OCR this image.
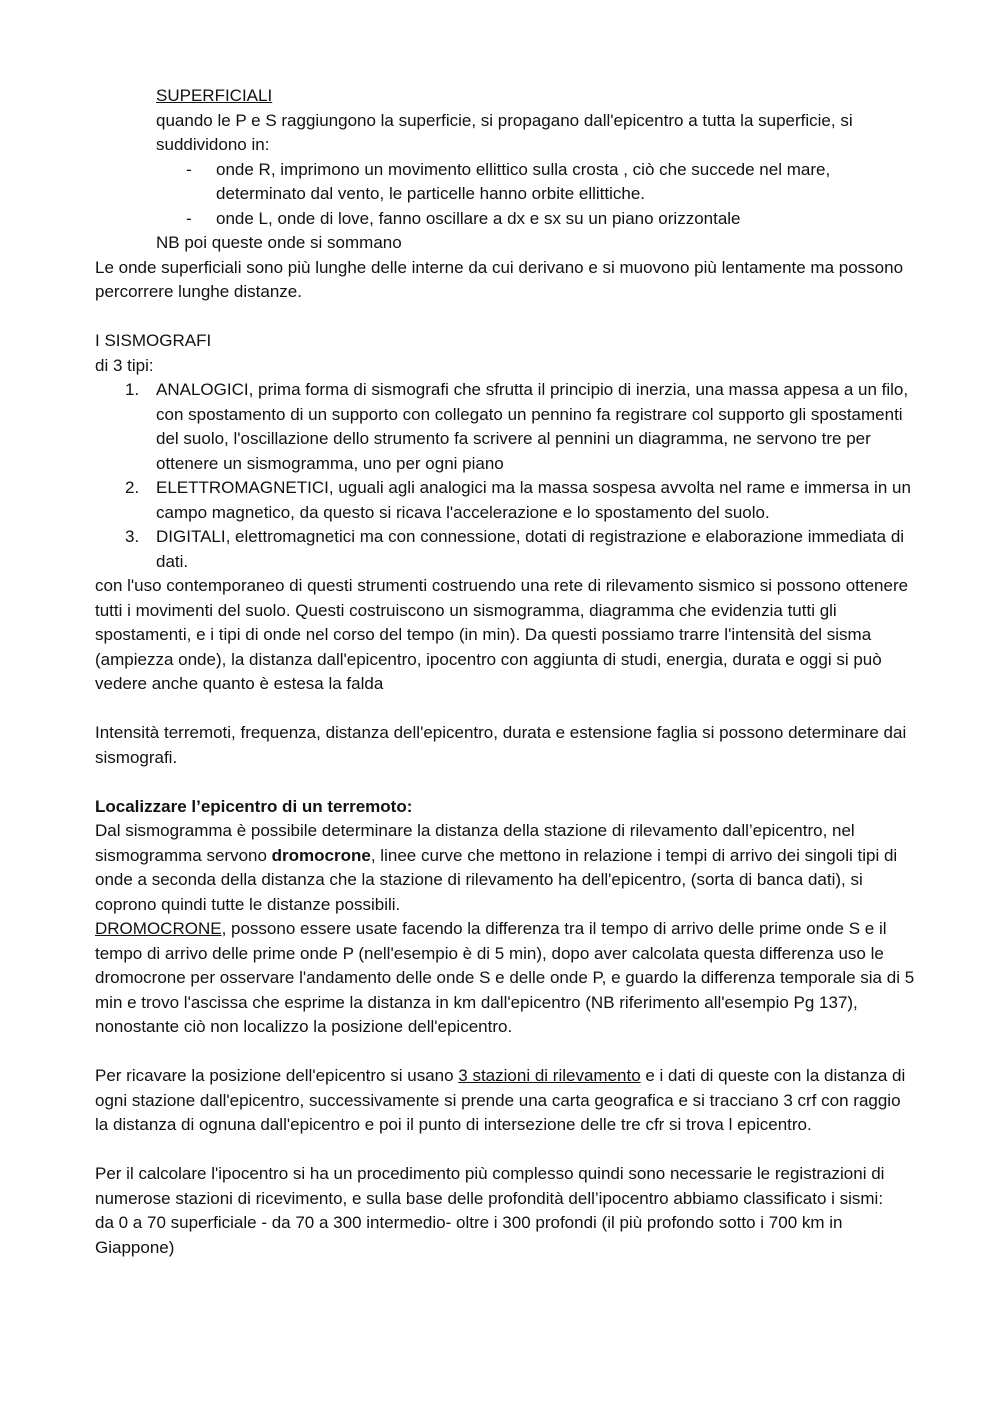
SUPERFICIALI

quando le P e S raggiungono la superficie, si propagano dall'epicentro a tutta la superficie, si suddividono in:

- onde R, imprimono un movimento ellittico sulla crosta , ciò che succede nel mare, determinato dal vento, le particelle hanno orbite ellittiche.
- onde L, onde di love, fanno oscillare a dx e sx su un piano orizzontale

NB poi queste onde si sommano

Le onde superficiali sono più lunghe delle interne da cui derivano e si muovono più lentamente ma possono percorrere lunghe distanze.

I SISMOGRAFI

di 3 tipi:

1. ANALOGICI, prima forma di sismografi che sfrutta il principio di inerzia, una massa appesa a un filo, con spostamento di un supporto con collegato un pennino fa registrare col supporto gli spostamenti del suolo, l'oscillazione dello strumento fa scrivere al pennini un diagramma, ne servono tre per ottenere un sismogramma, uno per ogni piano
2. ELETTROMAGNETICI, uguali agli analogici ma la massa sospesa avvolta nel rame e immersa in un campo magnetico, da questo si ricava l'accelerazione e lo spostamento del suolo.
3. DIGITALI, elettromagnetici ma con connessione, dotati di registrazione e elaborazione immediata di dati.

con l'uso contemporaneo di questi strumenti costruendo una rete di rilevamento sismico si possono ottenere tutti i movimenti del suolo. Questi costruiscono un sismogramma, diagramma che evidenzia tutti gli spostamenti, e i tipi di onde nel corso del tempo (in min). Da questi possiamo trarre l'intensità del sisma (ampiezza onde), la distanza dall'epicentro, ipocentro con aggiunta di studi, energia, durata e oggi si può vedere anche quanto è estesa la falda

Intensità terremoti, frequenza, distanza dell'epicentro, durata e estensione faglia si possono determinare dai sismografi.

Localizzare l’epicentro di un terremoto:

Dal sismogramma è possibile determinare la distanza della stazione di rilevamento dall’epicentro, nel sismogramma servono dromocrone, linee curve che mettono in relazione i tempi di arrivo dei singoli tipi di onde a seconda della distanza che la stazione di rilevamento ha dell'epicentro, (sorta di banca dati), si coprono quindi tutte le distanze possibili.

DROMOCRONE, possono essere usate facendo la differenza tra il tempo di arrivo delle prime onde S e il tempo di arrivo delle prime onde P (nell'esempio è di 5 min), dopo aver calcolata questa differenza uso le dromocrone per osservare l'andamento delle onde S e delle onde P, e guardo la differenza temporale sia di 5 min e trovo l'ascissa che esprime la distanza in km dall'epicentro (NB riferimento all'esempio Pg 137), nonostante ciò non localizzo la posizione dell'epicentro.

Per ricavare la posizione dell'epicentro si usano 3 stazioni di rilevamento e i dati di queste con la distanza di ogni stazione dall'epicentro, successivamente si prende una carta geografica e si tracciano 3 crf con raggio la distanza di ognuna dall'epicentro e poi il punto di intersezione delle tre cfr si trova l epicentro.

Per il calcolare l'ipocentro si ha un procedimento più complesso quindi sono necessarie le registrazioni di numerose stazioni di ricevimento, e sulla base delle profondità dell’ipocentro abbiamo classificato i sismi:

da 0 a 70 superficiale - da 70 a 300 intermedio- oltre i 300 profondi (il più profondo sotto i 700 km in Giappone)
